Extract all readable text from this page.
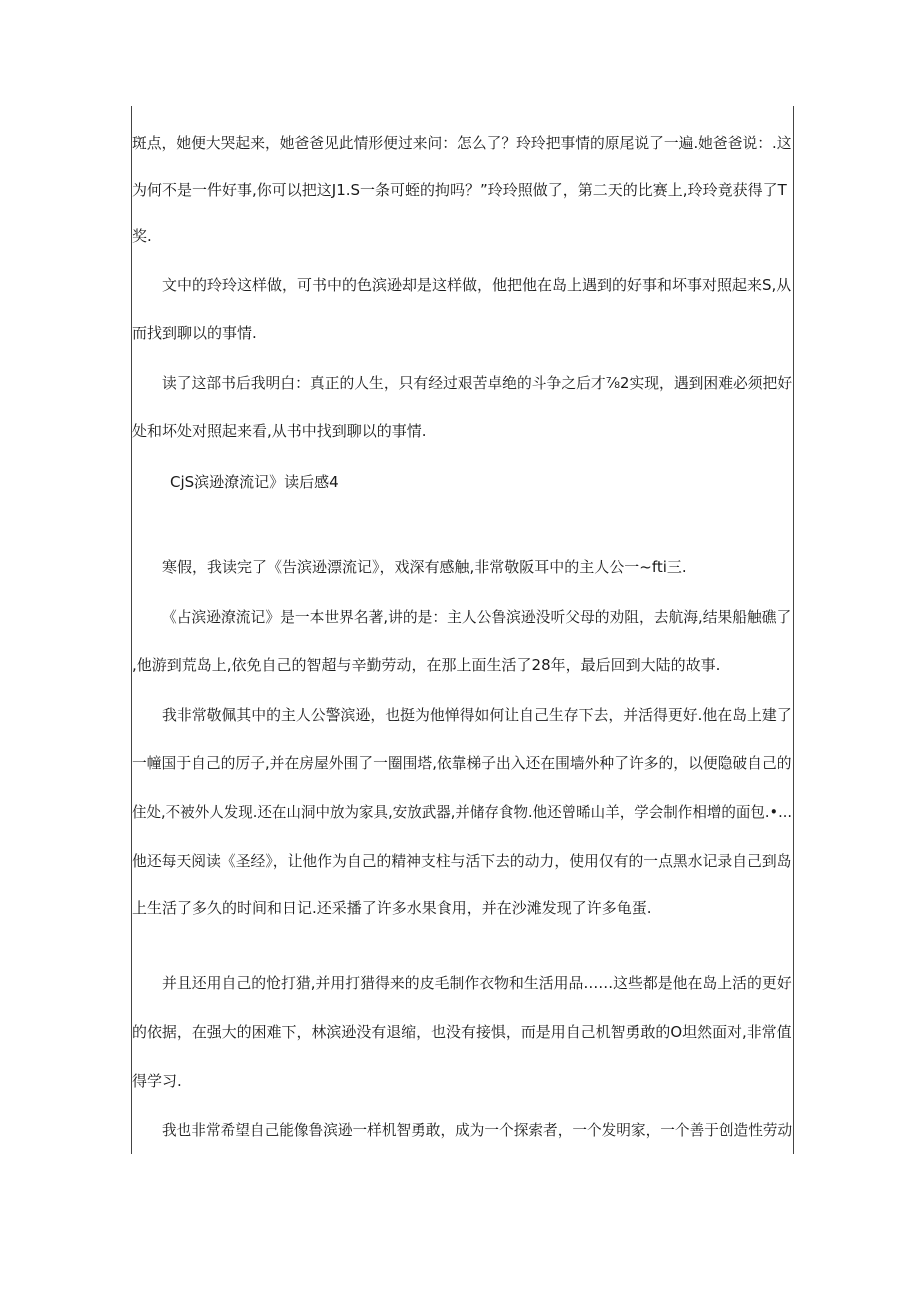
斑点，她便大哭起来，她爸爸见此情形便过来问：怎么了？玲玲把事情的原尾说了一遍.她爸爸说：.这
为何不是一件好事,你可以把这J1.S一条可蛭的拘吗？”玲玲照做了，第二天的比赛上,玲玲竟获得了T
奖.
文中的玲玲这样做，可书中的色滨逊却是这样做，他把他在岛上遇到的好事和坏事对照起来S,从
而找到聊以的事情.
读了这部书后我明白：真正的人生，只有经过艰苦卓绝的斗争之后才⅞2实现，遇到困难必须把好
处和坏处对照起来看,从书中找到聊以的事情.
CjS滨逊潦流记》读后感4
寒假，我读完了《告滨逊漂流记》，戏深有感触,非常敬阪耳中的主人公一~fti三.
《占滨逊潦流记》是一本世界名著,讲的是：主人公鲁滨逊没听父母的劝阻，去航海,结果船触礁了
,他游到荒岛上,依免自己的智超与辛勤劳动，在那上面生活了28年，最后回到大陆的故事.
我非常敬佩其中的主人公警滨逊，也挺为他惮得如何让自己生存下去，并活得更好.他在岛上建了
一幢国于自己的厉子,并在房屋外围了一圈围塔,依靠梯子出入还在围墙外种了许多的，以便隐破自己的
住处,不被外人发现.还在山洞中放为家具,安放武器,并储存食物.他还曾晞山羊，学会制作相增的面包.•...
他还每天阅读《圣经》，让他作为自己的精神支柱与活下去的动力，使用仅有的一点黑水记录自己到岛
上生活了多久的时间和日记.还采播了许多水果食用，并在沙滩发现了许多龟蛋.
并且还用自己的怆打猎,并用打猎得来的皮毛制作衣物和生活用品……这些都是他在岛上活的更好
的依据，在强大的困难下，林滨逊没有退缩，也没有接惧，而是用自己机智勇敢的O坦然面对,非常值
得学习.
我也非常希望自己能像鲁滨逊一样机智勇敢，成为一个探索者，一个发明家，一个善于创造性劳动
